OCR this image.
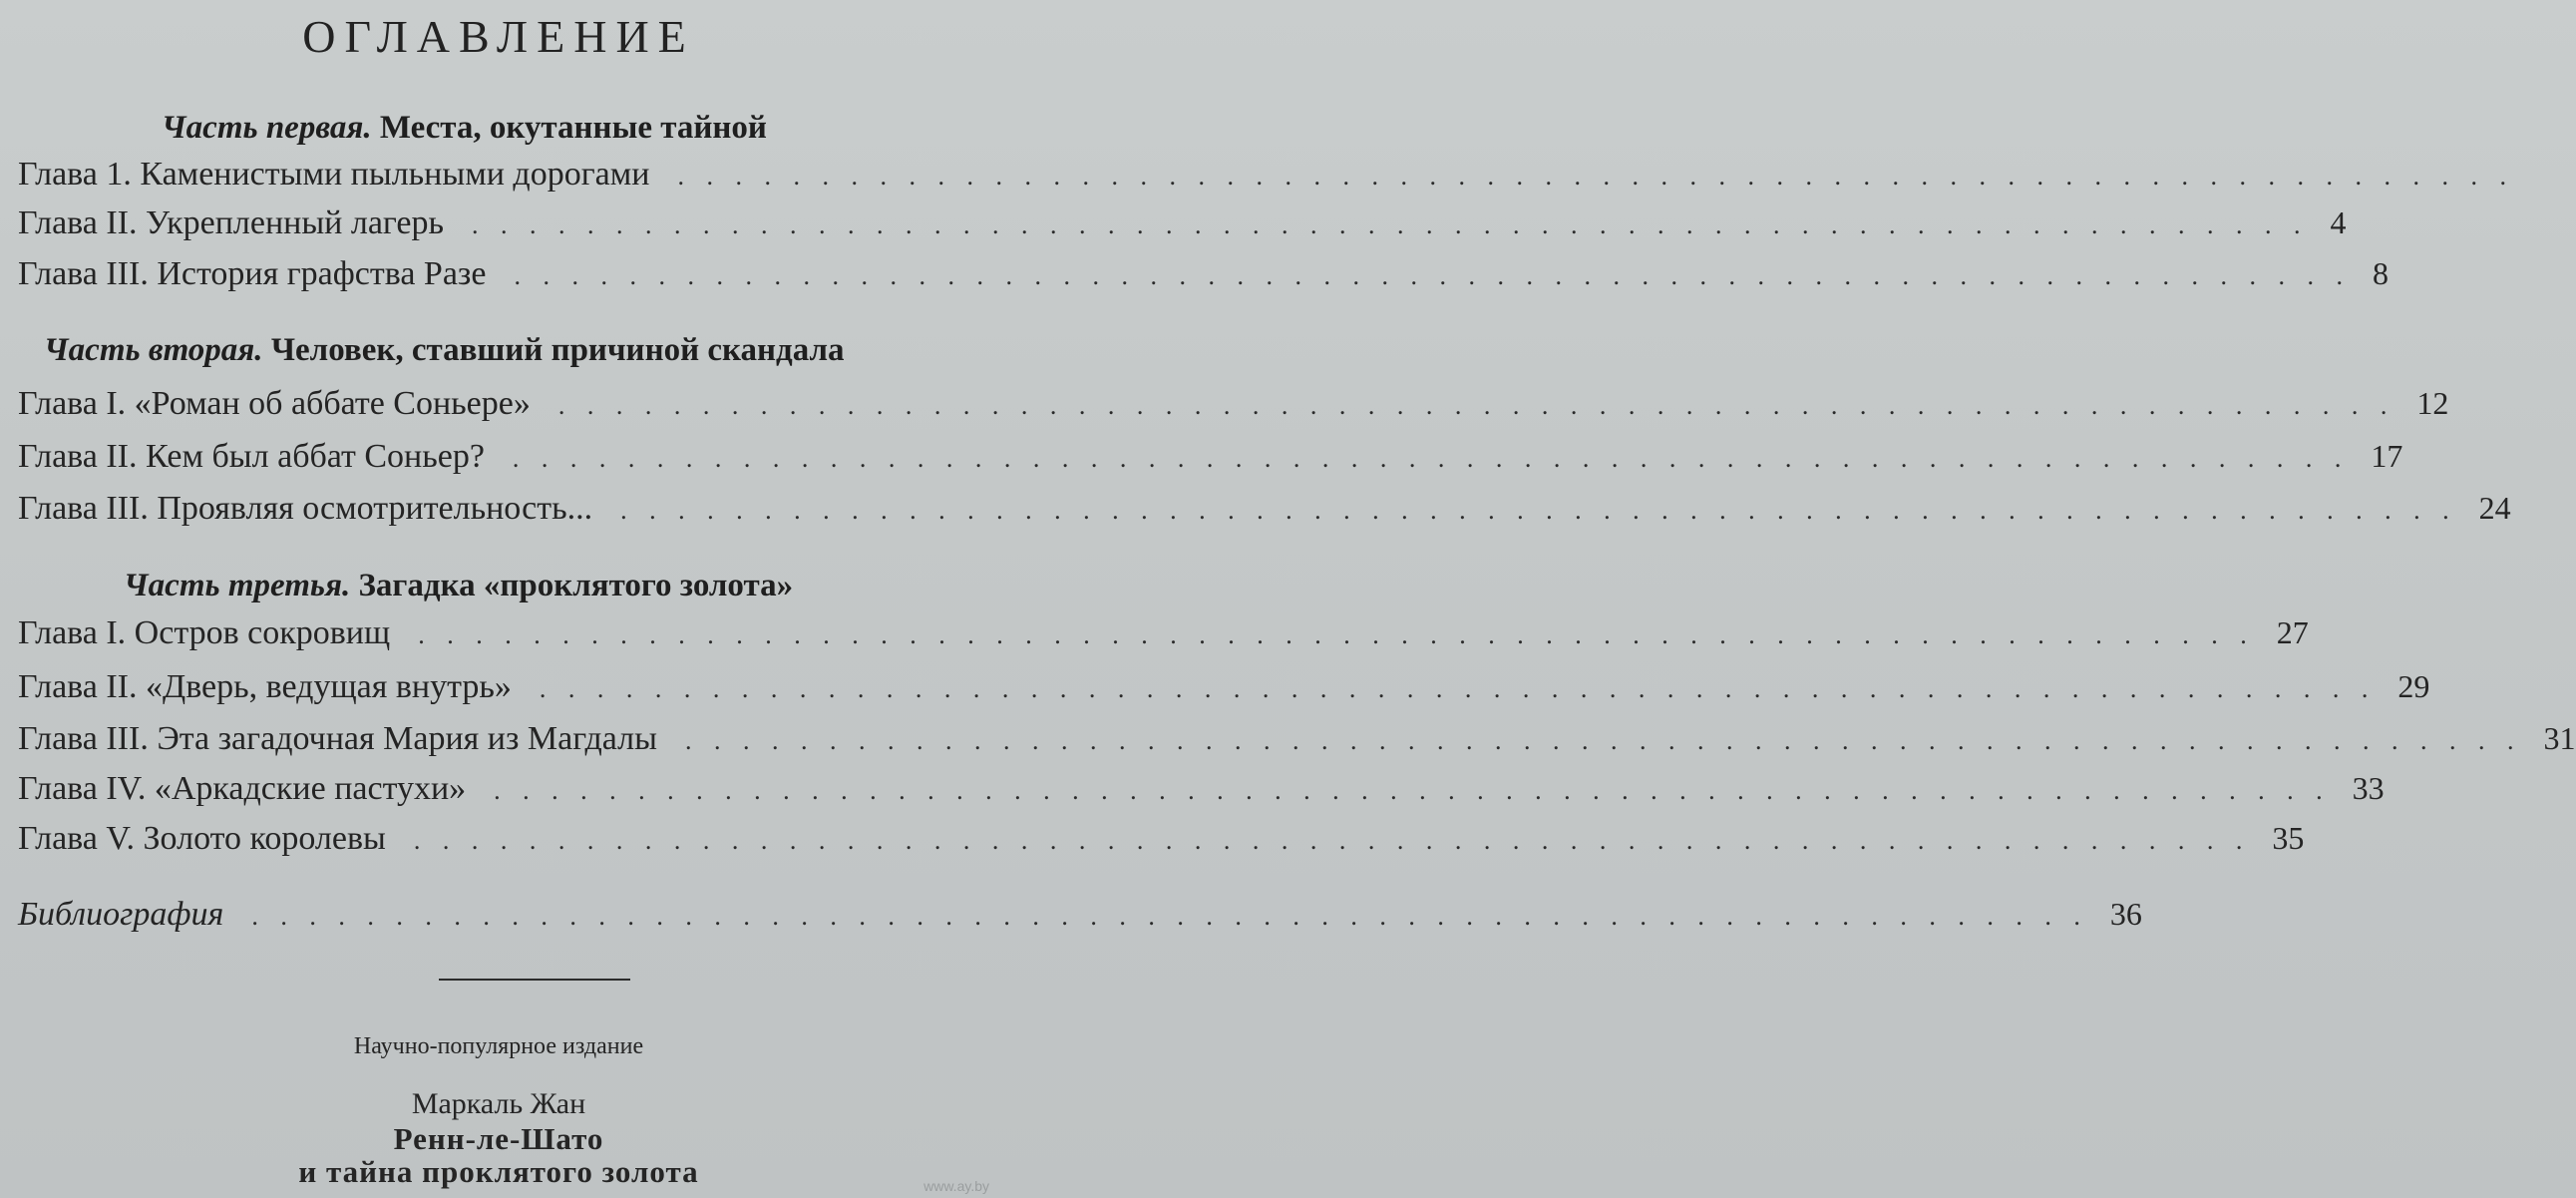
ОГЛАВЛЕНИЕ
Часть первая. Места, окутанные тайной
Глава 1. Каменистыми пыльными дорогами . . . . . . . . . . . . . . . . . . . . . . . . . . . . . . . . . . . . . . . . . . . . . . . . . . . . . . . . . . . . . . . .
Глава II. Укрепленный лагерь . . . . . . . . . . . . . . . . . . . . . . . . . . . . . . . . . . . . . . . . . . . . . . . . . . . . . . . . . . . . . . . . 4
Глава III. История графства Разе . . . . . . . . . . . . . . . . . . . . . . . . . . . . . . . . . . . . . . . . . . . . . . . . . . . . . . . . . . . . . . . . 8
Часть вторая. Человек, ставший причиной скандала
Глава I. «Роман об аббате Соньере» . . . . . . . . . . . . . . . . . . . . . . . . . . . . . . . . . . . . . . . . . . . . . . . . . . . . . . . . . . . . . . . . 12
Глава II. Кем был аббат Соньер? . . . . . . . . . . . . . . . . . . . . . . . . . . . . . . . . . . . . . . . . . . . . . . . . . . . . . . . . . . . . . . . . 17
Глава III. Проявляя осмотрительность... . . . . . . . . . . . . . . . . . . . . . . . . . . . . . . . . . . . . . . . . . . . . . . . . . . . . . . . . . . . . . . . . 24
Часть третья. Загадка «проклятого золота»
Глава I. Остров сокровищ . . . . . . . . . . . . . . . . . . . . . . . . . . . . . . . . . . . . . . . . . . . . . . . . . . . . . . . . . . . . . . . . 27
Глава II. «Дверь, ведущая внутрь» . . . . . . . . . . . . . . . . . . . . . . . . . . . . . . . . . . . . . . . . . . . . . . . . . . . . . . . . . . . . . . . . 29
Глава III. Эта загадочная Мария из Магдалы . . . . . . . . . . . . . . . . . . . . . . . . . . . . . . . . . . . . . . . . . . . . . . . . . . . . . . . . . . . . . . . . 31
Глава IV. «Аркадские пастухи» . . . . . . . . . . . . . . . . . . . . . . . . . . . . . . . . . . . . . . . . . . . . . . . . . . . . . . . . . . . . . . . . 33
Глава V. Золото королевы . . . . . . . . . . . . . . . . . . . . . . . . . . . . . . . . . . . . . . . . . . . . . . . . . . . . . . . . . . . . . . . . 35
Библиография . . . . . . . . . . . . . . . . . . . . . . . . . . . . . . . . . . . . . . . . . . . . . . . . . . . . . . . . . . . . . . . . 36
Научно-популярное издание
Маркаль Жан
Ренн-ле-Шато
и тайна проклятого золота	www.ay.by
